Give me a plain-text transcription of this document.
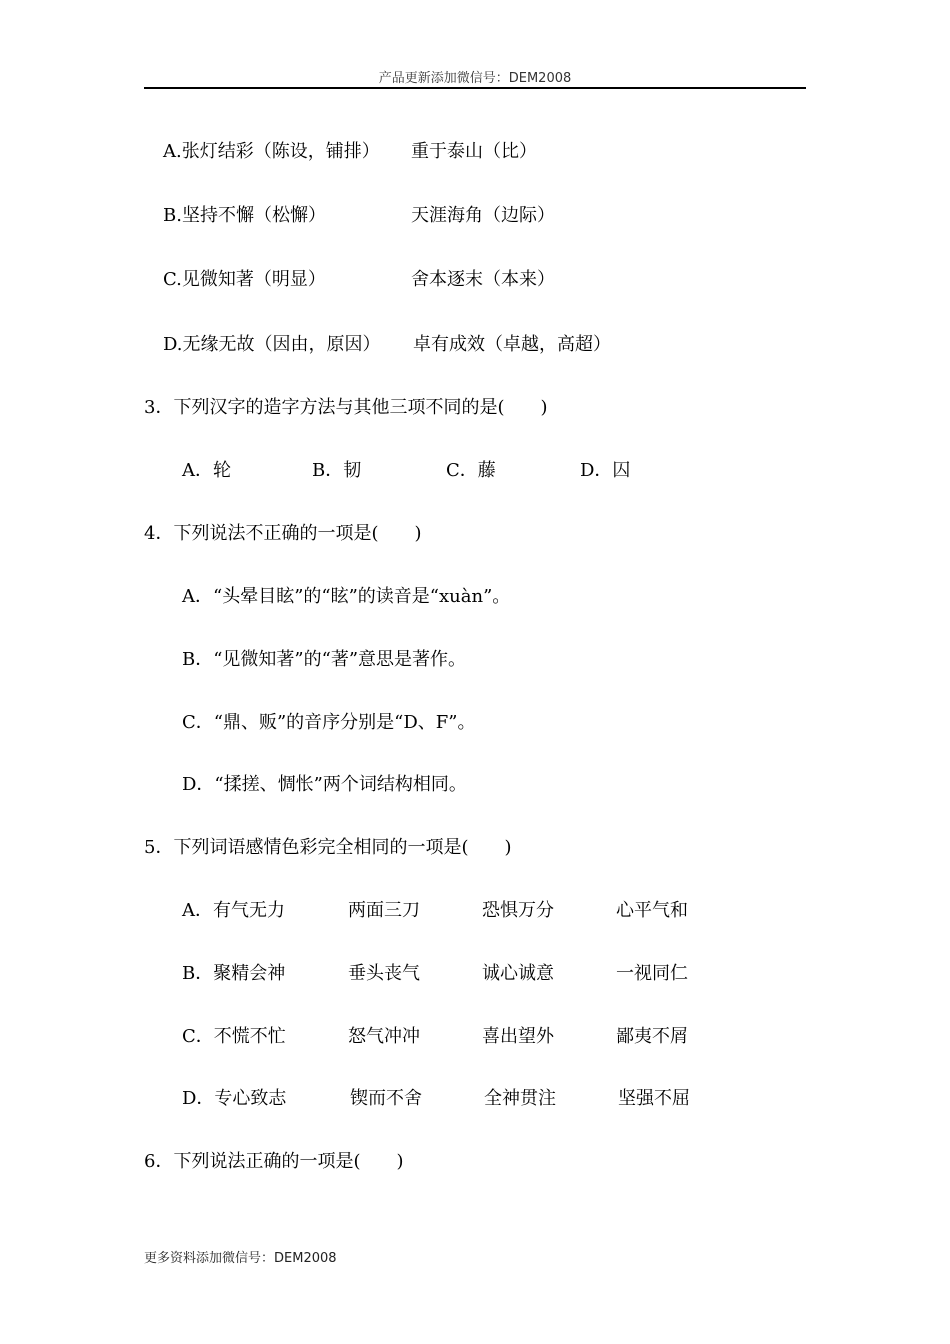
产品更新添加微信号：DEM2008
A.张灯结彩（陈设，铺排） 重于泰山（比）
B.坚持不懈（松懈）	天涯海角（边际）
C.见微知著（明显）	舍本逐末（本来）
D.无缘无故（因由，原因） 卓有成效（卓越，高超）
3．下列汉字的造字方法与其他三项不同的是(　　)
A．轮	B．韧	C．藤	D．囚
4．下列说法不正确的一项是(　　)
A．“头晕目眩”的“眩”的读音是“xuàn”。
B．“见微知著”的“著”意思是著作。
C．“鼎、贩”的音序分别是“D、F”。
D．“揉搓、惆怅”两个词结构相同。
5．下列词语感情色彩完全相同的一项是(　　)
A．有气无力	两面三刀	恐惧万分	心平气和
B．聚精会神	垂头丧气	诚心诚意	一视同仁
C．不慌不忙	怒气冲冲	喜出望外	鄙夷不屑
D．专心致志	锲而不舍	全神贯注	坚强不屈
6．下列说法正确的一项是(　　)
更多资料添加微信号：DEM2008
